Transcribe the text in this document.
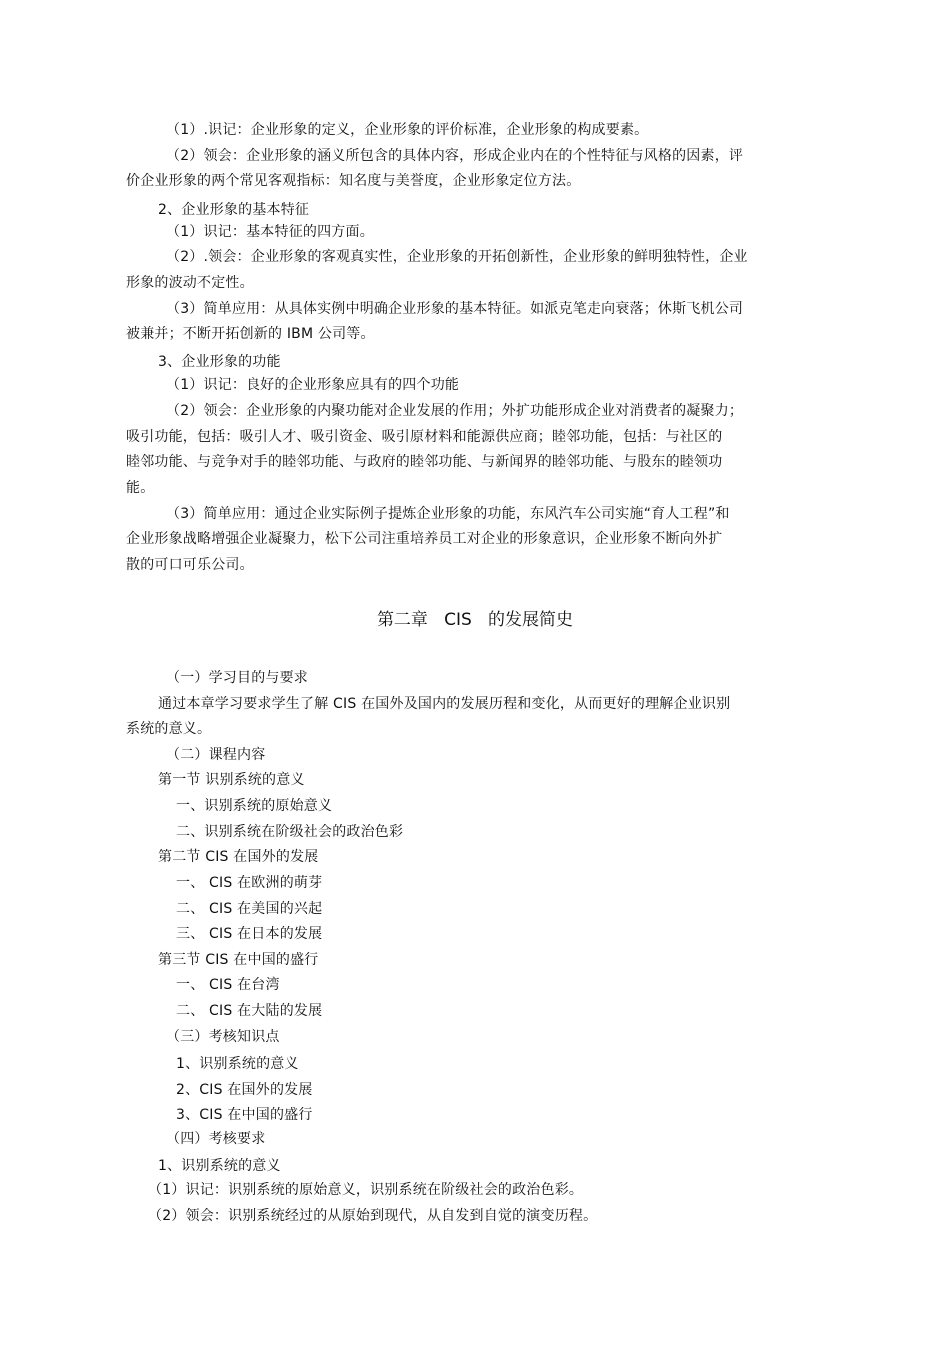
（1）.识记：企业形象的定义，企业形象的评价标准，企业形象的构成要素。
（2）领会：企业形象的涵义所包含的具体内容，形成企业内在的个性特征与风格的因素，评
价企业形象的两个常见客观指标：知名度与美誉度，企业形象定位方法。
2、企业形象的基本特征
（1）识记：基本特征的四方面。
（2）.领会：企业形象的客观真实性，企业形象的开拓创新性，企业形象的鲜明独特性，企业
形象的波动不定性。
（3）简单应用：从具体实例中明确企业形象的基本特征。如派克笔走向衰落；休斯飞机公司
被兼并；不断开拓创新的 IBM 公司等。
3、企业形象的功能
（1）识记：良好的企业形象应具有的四个功能
（2）领会：企业形象的内聚功能对企业发展的作用；外扩功能形成企业对消费者的凝聚力；
吸引功能，包括：吸引人才、吸引资金、吸引原材料和能源供应商；睦邻功能，包括：与社区的
睦邻功能、与竞争对手的睦邻功能、与政府的睦邻功能、与新闻界的睦邻功能、与股东的睦领功
能。
（3）简单应用：通过企业实际例子提炼企业形象的功能，东风汽车公司实施“育人工程”和
企业形象战略增强企业凝聚力，松下公司注重培养员工对企业的形象意识，企业形象不断向外扩
散的可口可乐公司。
第二章   CIS   的发展简史
（一）学习目的与要求
通过本章学习要求学生了解 CIS 在国外及国内的发展历程和变化，从而更好的理解企业识别
系统的意义。
（二）课程内容
第一节 识别系统的意义
一、识别系统的原始意义
二、识别系统在阶级社会的政治色彩
第二节 CIS 在国外的发展
一、 CIS 在欧洲的萌芽
二、 CIS 在美国的兴起
三、 CIS 在日本的发展
第三节 CIS 在中国的盛行
一、 CIS 在台湾
二、 CIS 在大陆的发展
（三）考核知识点
1、识别系统的意义
2、CIS 在国外的发展
3、CIS 在中国的盛行
（四）考核要求
1、识别系统的意义
（1）识记：识别系统的原始意义，识别系统在阶级社会的政治色彩。
（2）领会：识别系统经过的从原始到现代，从自发到自觉的演变历程。
